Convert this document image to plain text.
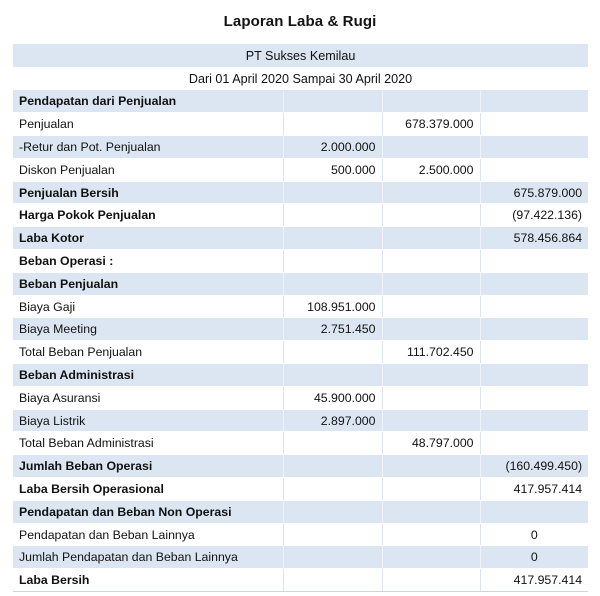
Laporan Laba & Rugi
PT Sukses Kemilau			
Dari 01 April 2020 Sampai 30 April 2020			
Pendapatan dari Penjualan			
Penjualan		678.379.000	
-Retur dan Pot. Penjualan	2.000.000		
Diskon Penjualan	500.000	2.500.000	
Penjualan Bersih			675.879.000
Harga Pokok Penjualan			(97.422.136)
Laba Kotor			578.456.864
Beban Operasi :			
Beban Penjualan			
Biaya Gaji	108.951.000		
Biaya Meeting	2.751.450		
Total Beban Penjualan		111.702.450	
Beban Administrasi			
Biaya Asuransi	45.900.000		
Biaya Listrik	2.897.000		
Total Beban Administrasi		48.797.000	
Jumlah Beban Operasi			(160.499.450)
Laba Bersih Operasional			417.957.414
Pendapatan dan Beban Non Operasi			
Pendapatan dan Beban Lainnya			0
Jumlah Pendapatan dan Beban Lainnya			0
Laba Bersih			417.957.414
